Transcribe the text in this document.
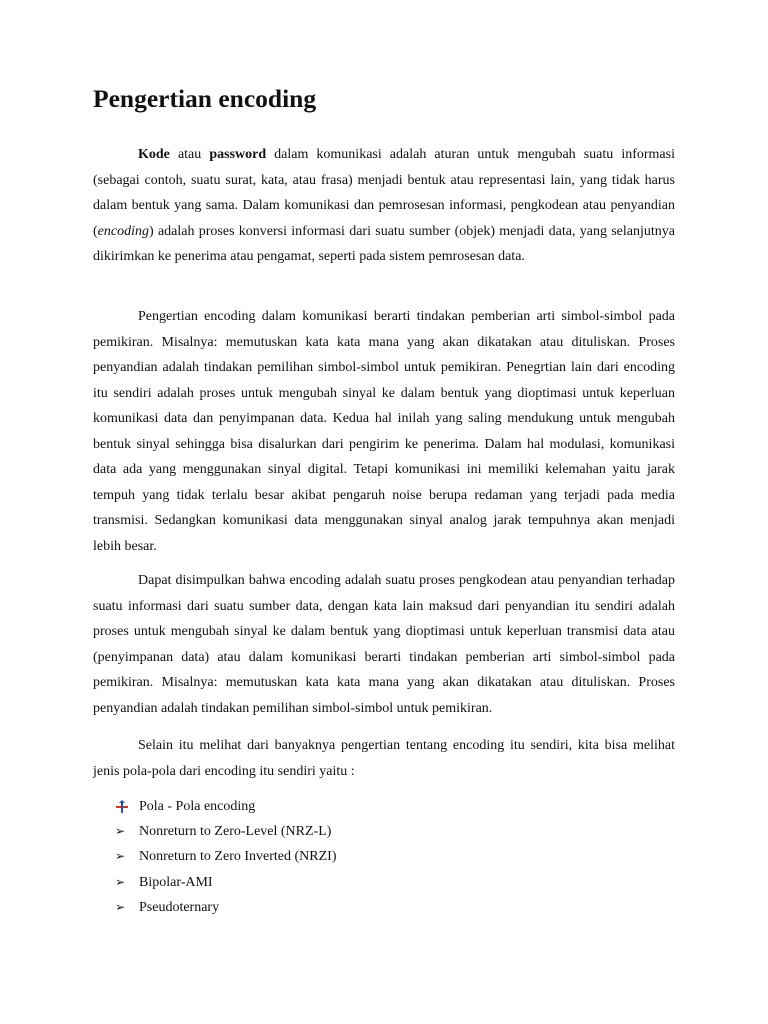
Pengertian encoding

Kode atau password dalam komunikasi adalah aturan untuk mengubah suatu informasi (sebagai contoh, suatu surat, kata, atau frasa) menjadi bentuk atau representasi lain, yang tidak harus dalam bentuk yang sama. Dalam komunikasi dan pemrosesan informasi, pengkodean atau penyandian (encoding) adalah proses konversi informasi dari suatu sumber (objek) menjadi data, yang selanjutnya dikirimkan ke penerima atau pengamat, seperti pada sistem pemrosesan data.

Pengertian encoding dalam komunikasi berarti tindakan pemberian arti simbol-simbol pada pemikiran. Misalnya: memutuskan kata kata mana yang akan dikatakan atau dituliskan. Proses penyandian adalah tindakan pemilihan simbol-simbol untuk pemikiran. Penegrtian lain dari encoding itu sendiri adalah proses untuk mengubah sinyal ke dalam bentuk yang dioptimasi untuk keperluan komunikasi data dan penyimpanan data. Kedua hal inilah yang saling mendukung untuk mengubah bentuk sinyal sehingga bisa disalurkan dari pengirim ke penerima. Dalam hal modulasi, komunikasi data ada yang menggunakan sinyal digital. Tetapi komunikasi ini memiliki kelemahan yaitu jarak tempuh yang tidak terlalu besar akibat pengaruh noise berupa redaman yang terjadi pada media transmisi. Sedangkan komunikasi data menggunakan sinyal analog jarak tempuhnya akan menjadi lebih besar.

Dapat disimpulkan bahwa encoding adalah suatu proses pengkodean atau penyandian terhadap suatu informasi dari suatu sumber data, dengan kata lain maksud dari penyandian itu sendiri adalah proses untuk mengubah sinyal ke dalam bentuk yang dioptimasi untuk keperluan transmisi data atau (penyimpanan data) atau dalam komunikasi berarti tindakan pemberian arti simbol-simbol pada pemikiran. Misalnya: memutuskan kata kata mana yang akan dikatakan atau dituliskan. Proses penyandian adalah tindakan pemilihan simbol-simbol untuk pemikiran.

Selain itu melihat dari banyaknya pengertian tentang encoding itu sendiri, kita bisa melihat jenis pola-pola dari encoding itu sendiri yaitu :

Pola - Pola encoding
➢ Nonreturn to Zero-Level (NRZ-L)
➢ Nonreturn to Zero Inverted (NRZI)
➢ Bipolar-AMI
➢ Pseudoternary
